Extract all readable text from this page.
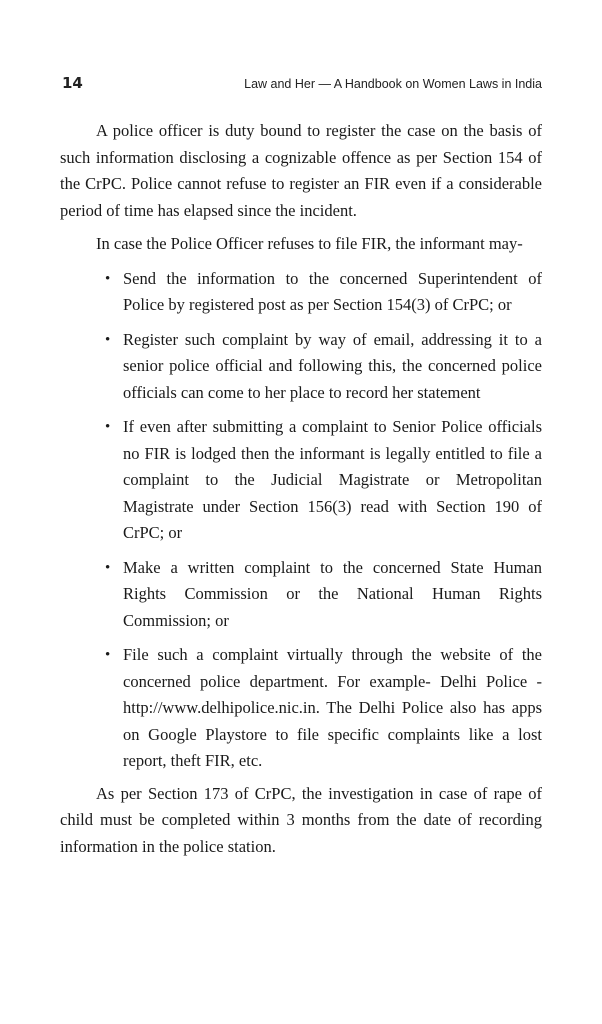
14	Law and Her — A Handbook on Women Laws in India

A police officer is duty bound to register the case on the basis of such information disclosing a cognizable offence as per Section 154 of the CrPC. Police cannot refuse to register an FIR even if a considerable period of time has elapsed since the incident.

In case the Police Officer refuses to file FIR, the informant may-

• Send the information to the concerned Superintendent of Police by registered post as per Section 154(3) of CrPC; or
• Register such complaint by way of email, addressing it to a senior police official and following this, the concerned police officials can come to her place to record her statement
• If even after submitting a complaint to Senior Police officials no FIR is lodged then the informant is legally entitled to file a complaint to the Judicial Magistrate or Metropolitan Magistrate under Section 156(3) read with Section 190 of CrPC; or
• Make a written complaint to the concerned State Human Rights Commission or the National Human Rights Commission; or
• File such a complaint virtually through the website of the concerned police department. For example- Delhi Police - http://www.delhipolice.nic.in. The Delhi Police also has apps on Google Playstore to file specific complaints like a lost report, theft FIR, etc.

As per Section 173 of CrPC, the investigation in case of rape of child must be completed within 3 months from the date of recording information in the police station.
